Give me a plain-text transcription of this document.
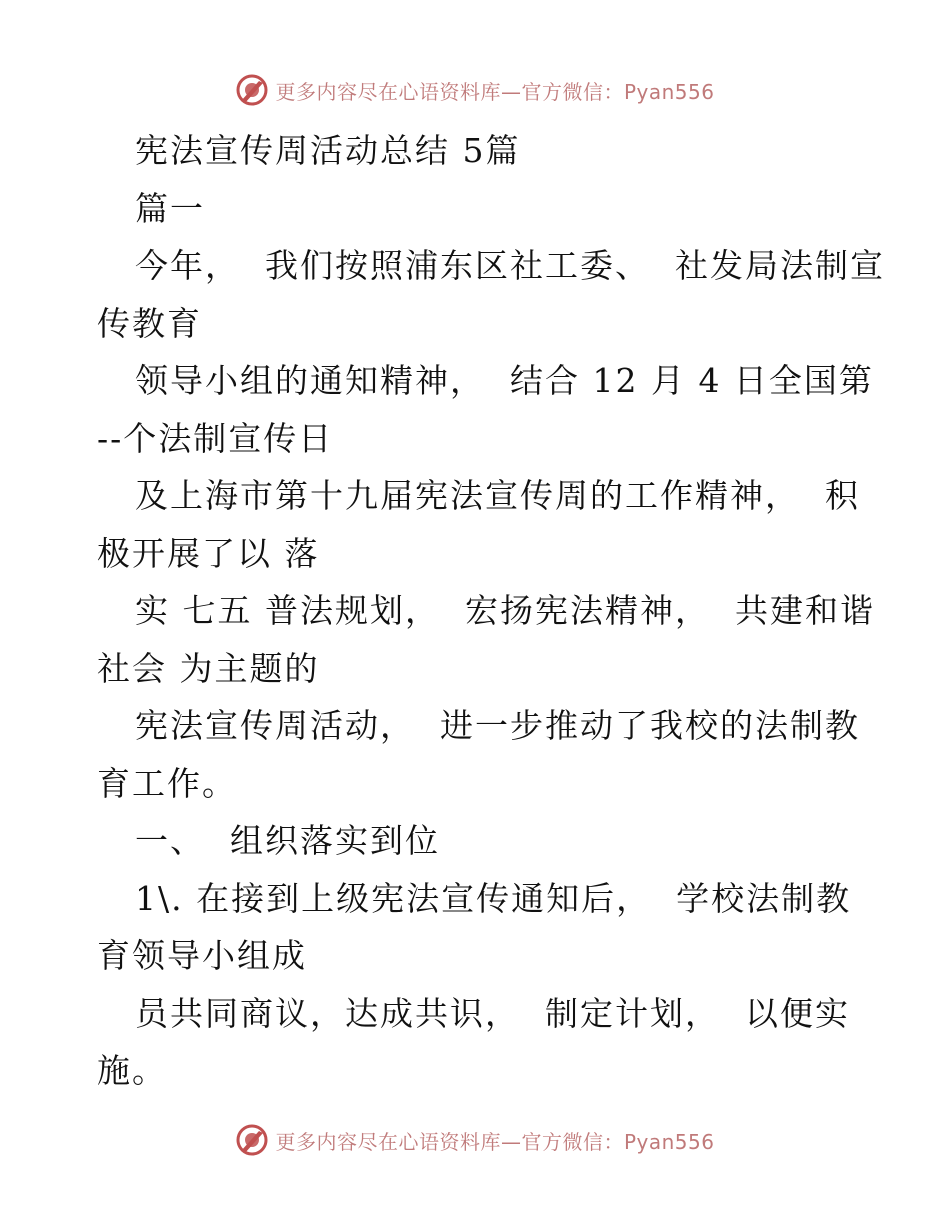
更多内容尽在心语资料库—官方微信：Pyan556
宪法宣传周活动总结 5篇
篇一
今年，  我们按照浦东区社工委、  社发局法制宣
传教育
领导小组的通知精神，  结合 12 月 4 日全国第
--个法制宣传日
及上海市第十九届宪法宣传周的工作精神，  积
极开展了以 落
实 七五 普法规划，  宏扬宪法精神，  共建和谐
社会 为主题的
宪法宣传周活动，  进一步推动了我校的法制教
育工作。
一、  组织落实到位
1\. 在接到上级宪法宣传通知后，  学校法制教
育领导小组成
员共同商议，达成共识，  制定计划，  以便实
施。
更多内容尽在心语资料库—官方微信：Pyan556
